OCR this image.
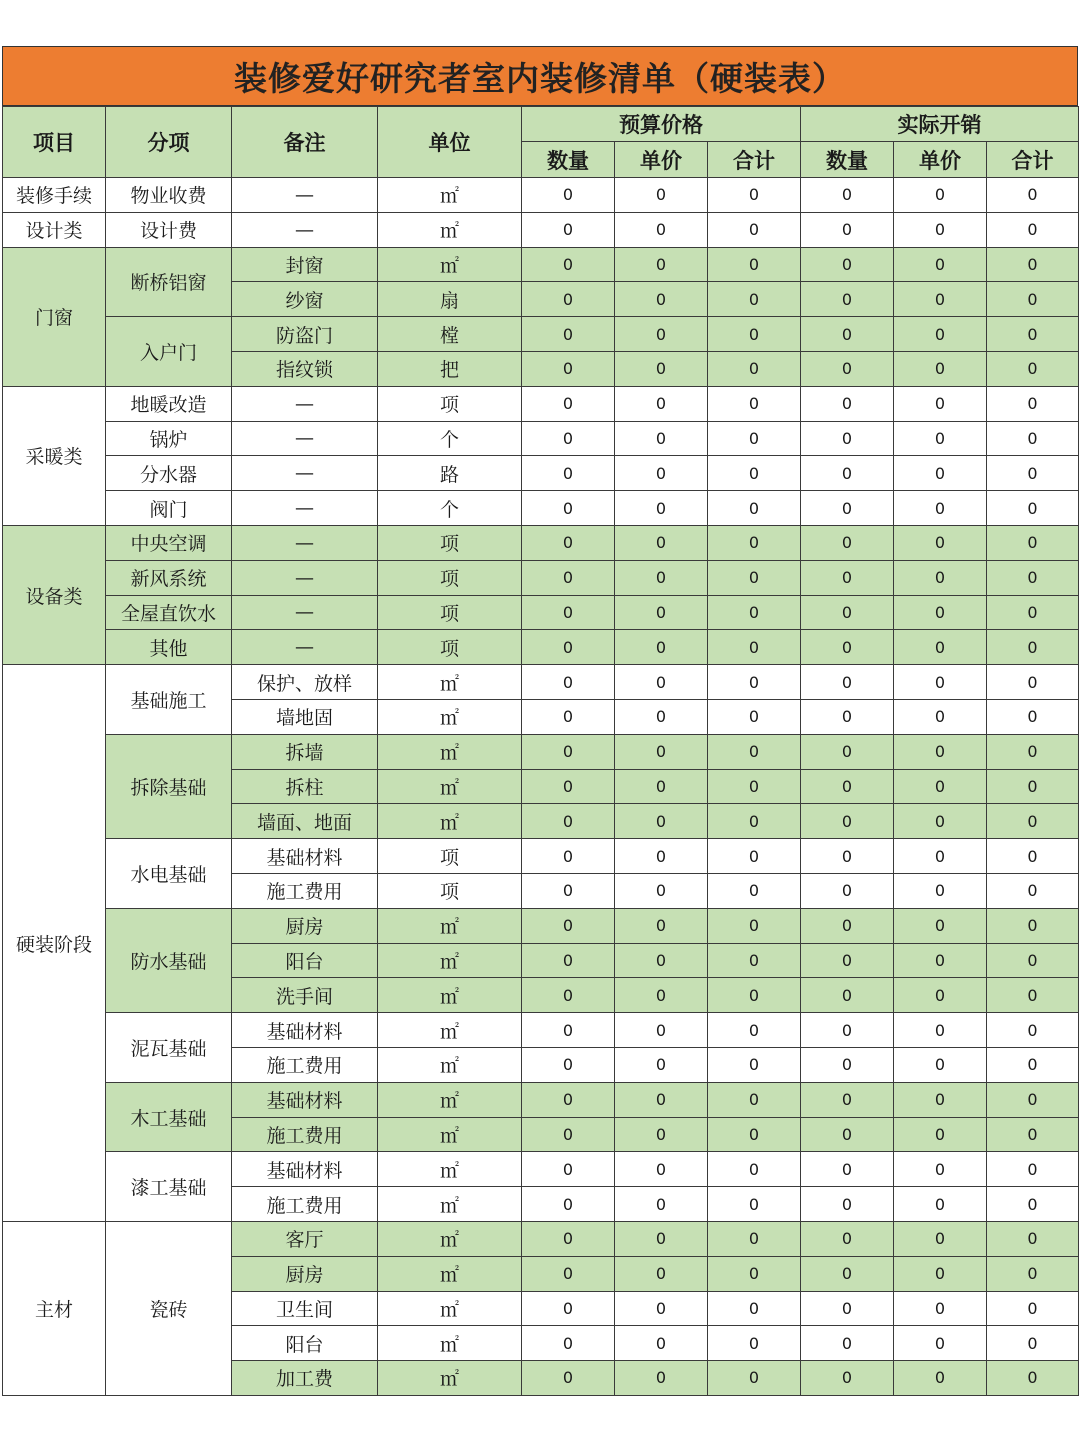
装修爱好研究者室内装修清单（硬装表）
项目	分项	备注	单位	预算价格			实际开销		
				数量	单价	合计	数量	单价	合计
装修手续	物业收费	—	㎡	0	0	0	0	0	0
设计类	设计费	—	㎡	0	0	0	0	0	0
门窗	断桥铝窗	封窗	㎡	0	0	0	0	0	0
		纱窗	扇	0	0	0	0	0	0
	入户门	防盗门	樘	0	0	0	0	0	0
		指纹锁	把	0	0	0	0	0	0
采暖类	地暖改造	—	项	0	0	0	0	0	0
	锅炉	—	个	0	0	0	0	0	0
	分水器	—	路	0	0	0	0	0	0
	阀门	—	个	0	0	0	0	0	0
设备类	中央空调	—	项	0	0	0	0	0	0
	新风系统	—	项	0	0	0	0	0	0
	全屋直饮水	—	项	0	0	0	0	0	0
	其他	—	项	0	0	0	0	0	0
硬装阶段	基础施工	保护、放样	㎡	0	0	0	0	0	0
		墙地固	㎡	0	0	0	0	0	0
	拆除基础	拆墙	㎡	0	0	0	0	0	0
		拆柱	㎡	0	0	0	0	0	0
		墙面、地面	㎡	0	0	0	0	0	0
	水电基础	基础材料	项	0	0	0	0	0	0
		施工费用	项	0	0	0	0	0	0
	防水基础	厨房	㎡	0	0	0	0	0	0
		阳台	㎡	0	0	0	0	0	0
		洗手间	㎡	0	0	0	0	0	0
	泥瓦基础	基础材料	㎡	0	0	0	0	0	0
		施工费用	㎡	0	0	0	0	0	0
	木工基础	基础材料	㎡	0	0	0	0	0	0
		施工费用	㎡	0	0	0	0	0	0
	漆工基础	基础材料	㎡	0	0	0	0	0	0
		施工费用	㎡	0	0	0	0	0	0
主材	瓷砖	客厅	㎡	0	0	0	0	0	0
		厨房	㎡	0	0	0	0	0	0
		卫生间	㎡	0	0	0	0	0	0
		阳台	㎡	0	0	0	0	0	0
		加工费	㎡	0	0	0	0	0	0
